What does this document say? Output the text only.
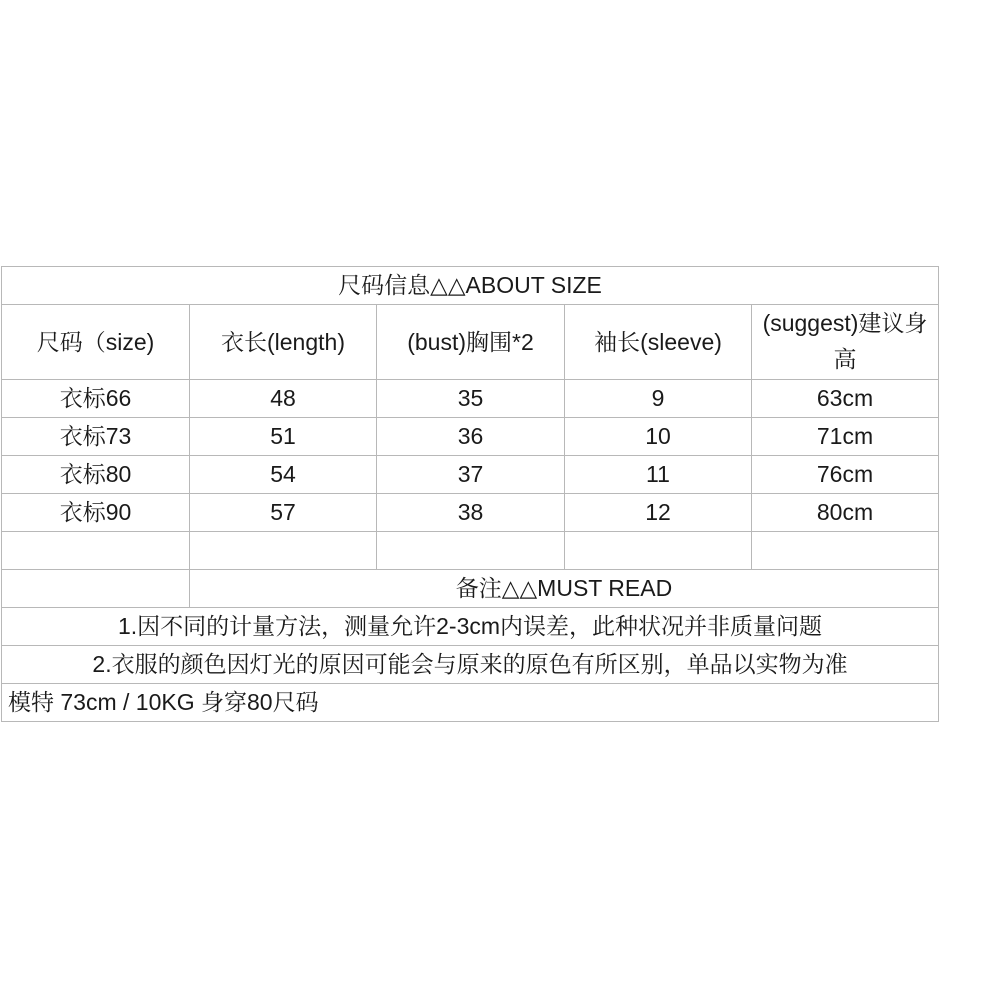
尺码信息△△ABOUT SIZE				
尺码（size)	衣长(length)	(bust)胸围*2	袖长(sleeve)	(suggest)建议身高
衣标66	48	35	9	63cm
衣标73	51	36	10	71cm
衣标80	54	37	11	76cm
衣标90	57	38	12	80cm

	备注△△MUST READ			
1.因不同的计量方法，测量允许2-3cm内误差，此种状况并非质量问题				
2.衣服的颜色因灯光的原因可能会与原来的原色有所区别，单品以实物为准				
模特 73cm / 10KG 身穿80尺码				
